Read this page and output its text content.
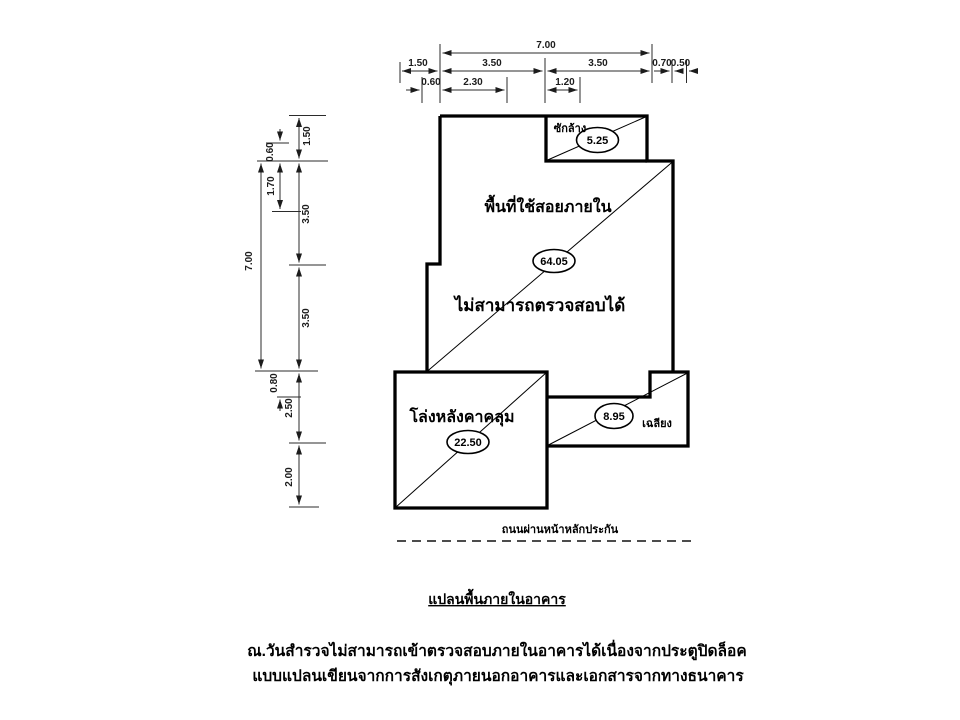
7.00
1.50	3.50	3.50	0.70 0.50
0.60 2.30	1.20
1.50
0.60
1.70
3.50
7.00
3.50
0.80
2.50
2.00
5.25
64.05
22.50
8.95
ซักล้าง
พื้นที่ใช้สอยภายใน
ไม่สามารถตรวจสอบได้
โล่งหลังคาคลุม	เฉลียง
ถนนผ่านหน้าหลักประกัน
แปลนพื้นภายในอาคาร
ณ.วันสำรวจไม่สามารถเข้าตรวจสอบภายในอาคารได้เนื่องจากประตูปิดล็อค
แบบแปลนเขียนจากการสังเกตุภายนอกอาคารและเอกสารจากทางธนาคาร
